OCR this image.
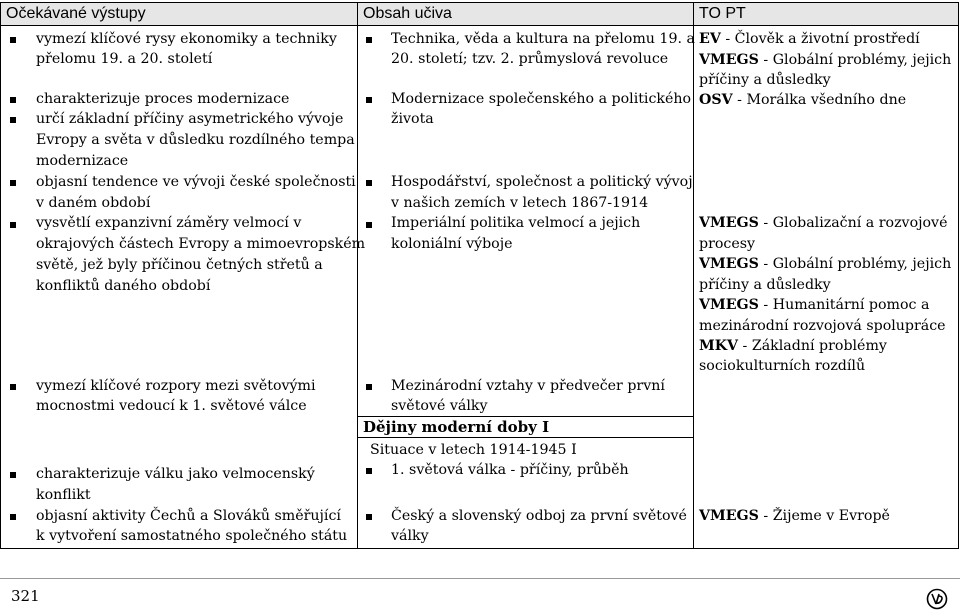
Očekávané výstupy	Obsah učiva	TO PT
vymezí klíčové rysy ekonomiky a techniky
přelomu 19. a 20. století
charakterizuje proces modernizace
určí základní příčiny asymetrického vývoje
Evropy a světa v důsledku rozdílného tempa
modernizace
objasní tendence ve vývoji české společnosti
v daném období
vysvětlí expanzivní záměry velmocí v
okrajových částech Evropy a mimoevropském
světě, jež byly příčinou četných střetů a
konfliktů daného období
vymezí klíčové rozpory mezi světovými
mocnostmi vedoucí k 1. světové válce
charakterizuje válku jako velmocenský
konflikt
objasní aktivity Čechů a Slováků směřující
k vytvoření samostatného společného státu
Technika, věda a kultura na přelomu 19. a
20. století; tzv. 2. průmyslová revoluce
Modernizace společenského a politického
života
Hospodářství, společnost a politický vývoj
v našich zemích v letech 1867-1914
Imperiální politika velmocí a jejich
koloniální výboje
Mezinárodní vztahy v předvečer první
světové války
Dějiny moderní doby I
Situace v letech 1914-1945 I
1. světová válka - příčiny, průběh
Český a slovenský odboj za první světové
války
EV - Člověk a životní prostředí
VMEGS - Globální problémy, jejich
příčiny a důsledky
OSV - Morálka všedního dne
VMEGS - Globalizační a rozvojové
procesy
VMEGS - Globální problémy, jejich
příčiny a důsledky
VMEGS - Humanitární pomoc a
mezinárodní rozvojová spolupráce
MKV - Základní problémy
sociokulturních rozdílů
VMEGS - Žijeme v Evropě
321
